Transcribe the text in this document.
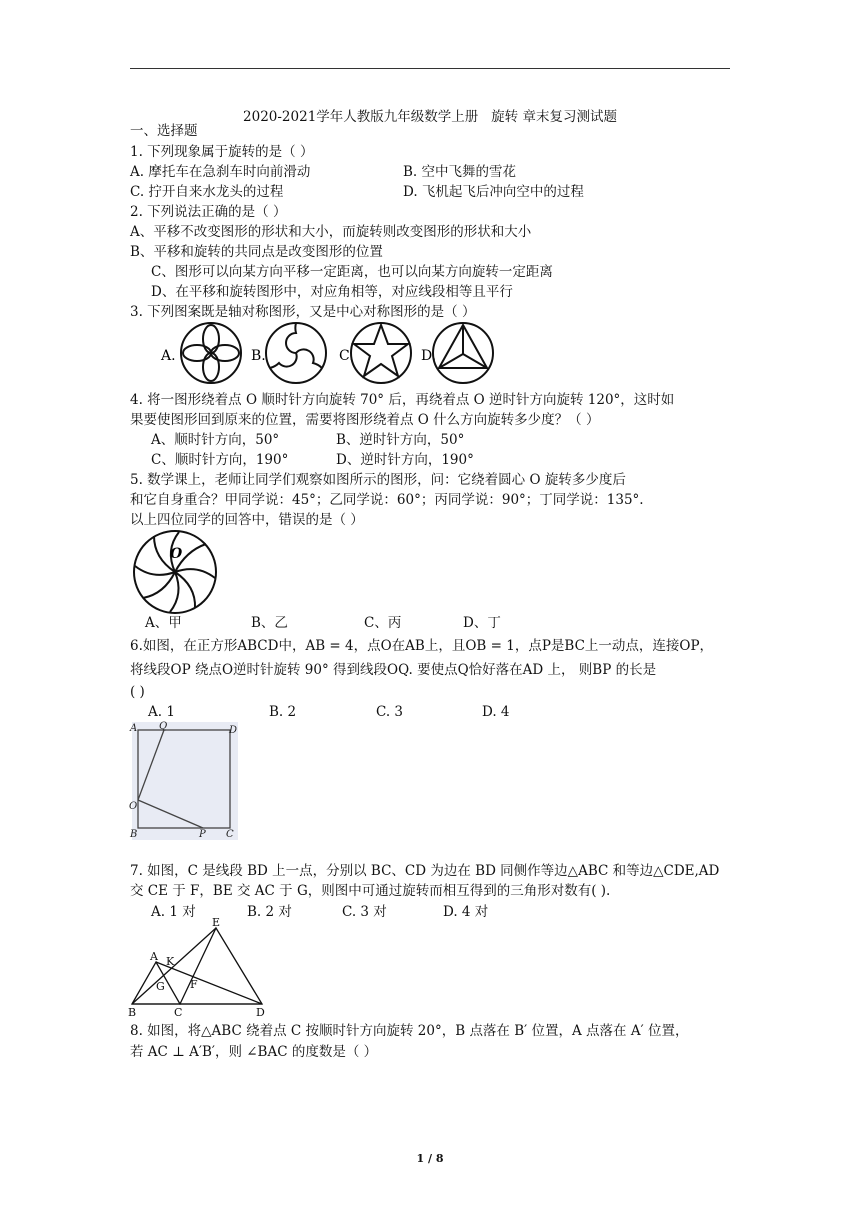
2020-2021学年人教版九年级数学上册   旋转 章末复习测试题
一、选择题
1. 下列现象属于旋转的是（ ）
A. 摩托车在急刹车时向前滑动	B. 空中飞舞的雪花
C. 拧开自来水龙头的过程	D. 飞机起飞后冲向空中的过程
2. 下列说法正确的是（ ）
A、平移不改变图形的形状和大小，而旋转则改变图形的形状和大小
B、平移和旋转的共同点是改变图形的位置
C、图形可以向某方向平移一定距离，也可以向某方向旋转一定距离
D、在平移和旋转图形中，对应角相等，对应线段相等且平行
3. 下列图案既是轴对称图形，又是中心对称图形的是（ ）
A.	B.	C.	D.
4. 将一图形绕着点 O 顺时针方向旋转 70° 后，再绕着点 O 逆时针方向旋转 120°，这时如
果要使图形回到原来的位置，需要将图形绕着点 O 什么方向旋转多少度？（ ）
A、顺时针方向，50°	B、逆时针方向，50°
C、顺时针方向，190°	D、逆时针方向，190°
5. 数学课上，老师让同学们观察如图所示的图形，问：它绕着圆心 O 旋转多少度后
和它自身重合？甲同学说：45°；乙同学说：60°；丙同学说：90°；丁同学说：135°.
以上四位同学的回答中，错误的是（ ）
O
A、甲	B、乙	C、丙	D、丁
6.如图，在正方形ABCD中，AB = 4，点O在AB上，且OB = 1，点P是BC上一动点，连接OP，
将线段OP 绕点O逆时针旋转 90° 得到线段OQ. 要使点Q恰好落在AD 上， 则BP 的长是
( )
A. 1	B. 2	C. 3	D. 4
A Q	D
O
B	P C
7. 如图，C 是线段 BD 上一点，分别以 BC、CD 为边在 BD 同侧作等边△ABC 和等边△CDE,AD
交 CE 于 F，BE 交 AC 于 G，则图中可通过旋转而相互得到的三角形对数有( ).
A. 1 对	B. 2 对	C. 3 对	D. 4 对
E
A K
G F
B	C	D
8. 如图，将△ABC 绕着点 C 按顺时针方向旋转 20°，B 点落在 B′ 位置，A 点落在 A′ 位置，
若 AC ⊥ A′B′，则 ∠BAC 的度数是（ ）
1 / 8
